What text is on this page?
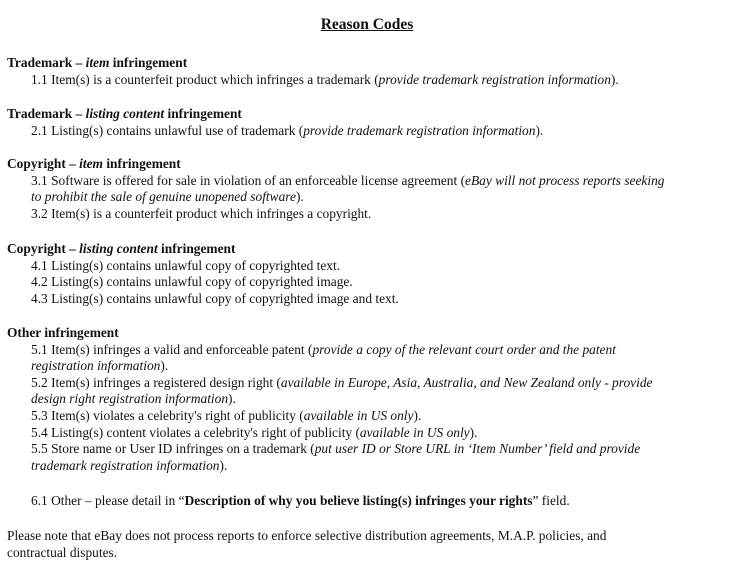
Reason Codes
Trademark – item infringement
1.1 Item(s) is a counterfeit product which infringes a trademark (provide trademark registration information).
Trademark – listing content infringement
2.1 Listing(s) contains unlawful use of trademark (provide trademark registration information).
Copyright – item infringement
3.1 Software is offered for sale in violation of an enforceable license agreement (eBay will not process reports seeking
to prohibit the sale of genuine unopened software).
3.2 Item(s) is a counterfeit product which infringes a copyright.
Copyright – listing content infringement
4.1 Listing(s) contains unlawful copy of copyrighted text.
4.2 Listing(s) contains unlawful copy of copyrighted image.
4.3 Listing(s) contains unlawful copy of copyrighted image and text.
Other infringement
5.1 Item(s) infringes a valid and enforceable patent (provide a copy of the relevant court order and the patent
registration information).
5.2 Item(s) infringes a registered design right (available in Europe, Asia, Australia, and New Zealand only - provide
design right registration information).
5.3 Item(s) violates a celebrity's right of publicity (available in US only).
5.4 Listing(s) content violates a celebrity's right of publicity (available in US only).
5.5 Store name or User ID infringes on a trademark (put user ID or Store URL in ‘Item Number’ field and provide
trademark registration information).
6.1 Other – please detail in “Description of why you believe listing(s) infringes your rights” field.
Please note that eBay does not process reports to enforce selective distribution agreements, M.A.P. policies, and
contractual disputes.
